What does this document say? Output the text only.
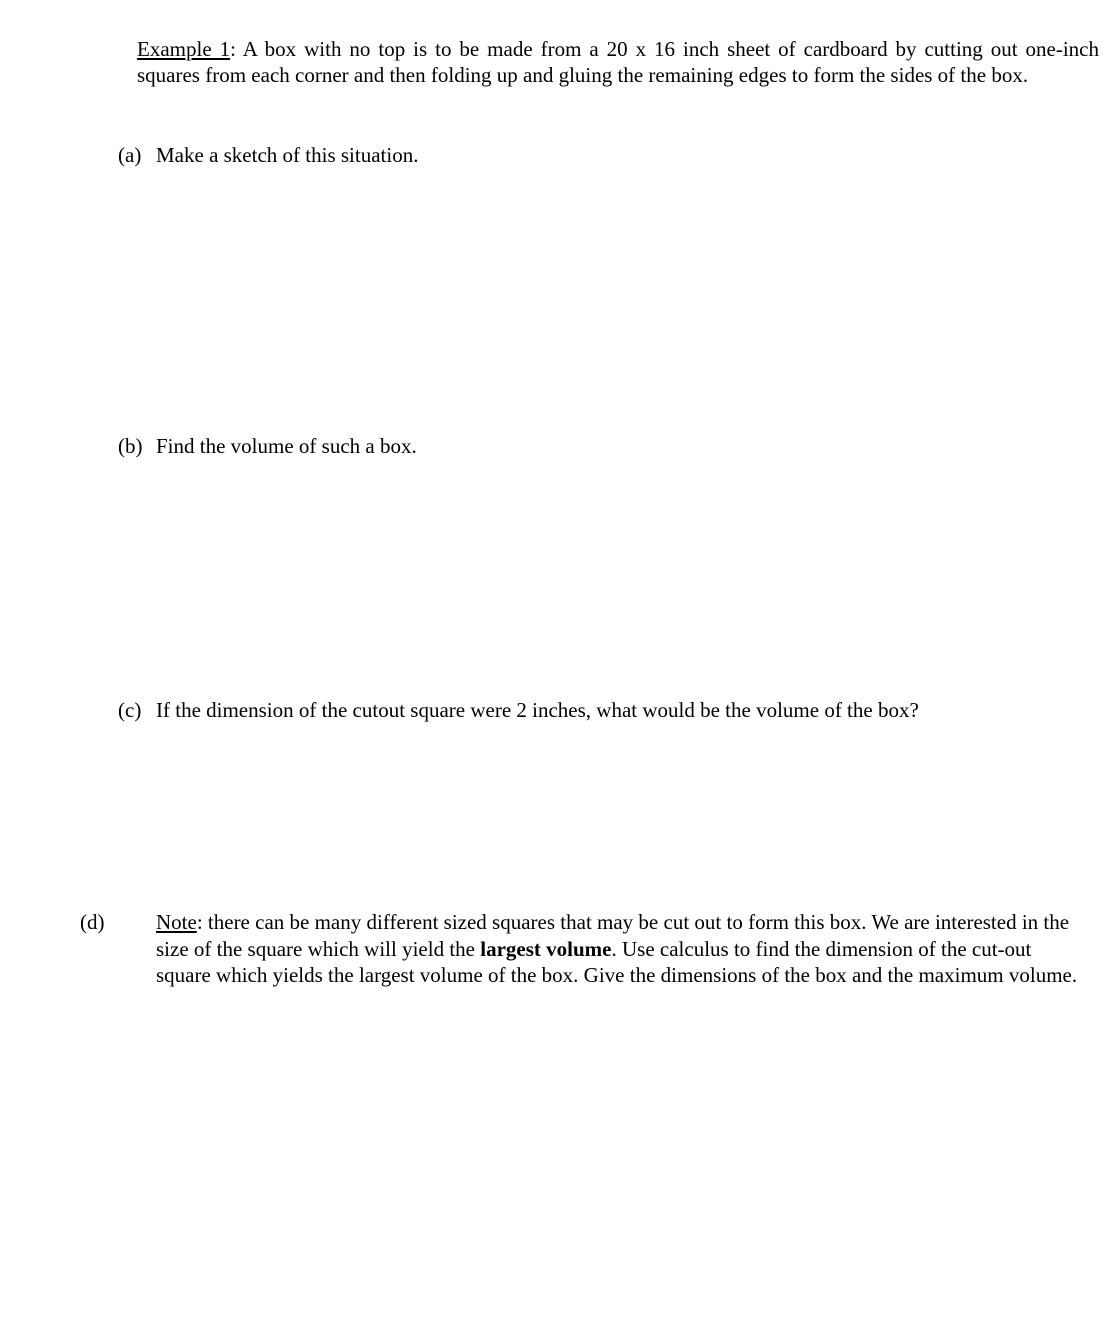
Example 1: A box with no top is to be made from a 20 x 16 inch sheet of cardboard by cutting out one-inch squares from each corner and then folding up and gluing the remaining edges to form the sides of the box.
(a) Make a sketch of this situation.
(b) Find the volume of such a box.
(c) If the dimension of the cutout square were 2 inches, what would be the volume of the box?
(d) Note: there can be many different sized squares that may be cut out to form this box. We are interested in the size of the square which will yield the largest volume. Use calculus to find the dimension of the cut-out square which yields the largest volume of the box. Give the dimensions of the box and the maximum volume.
